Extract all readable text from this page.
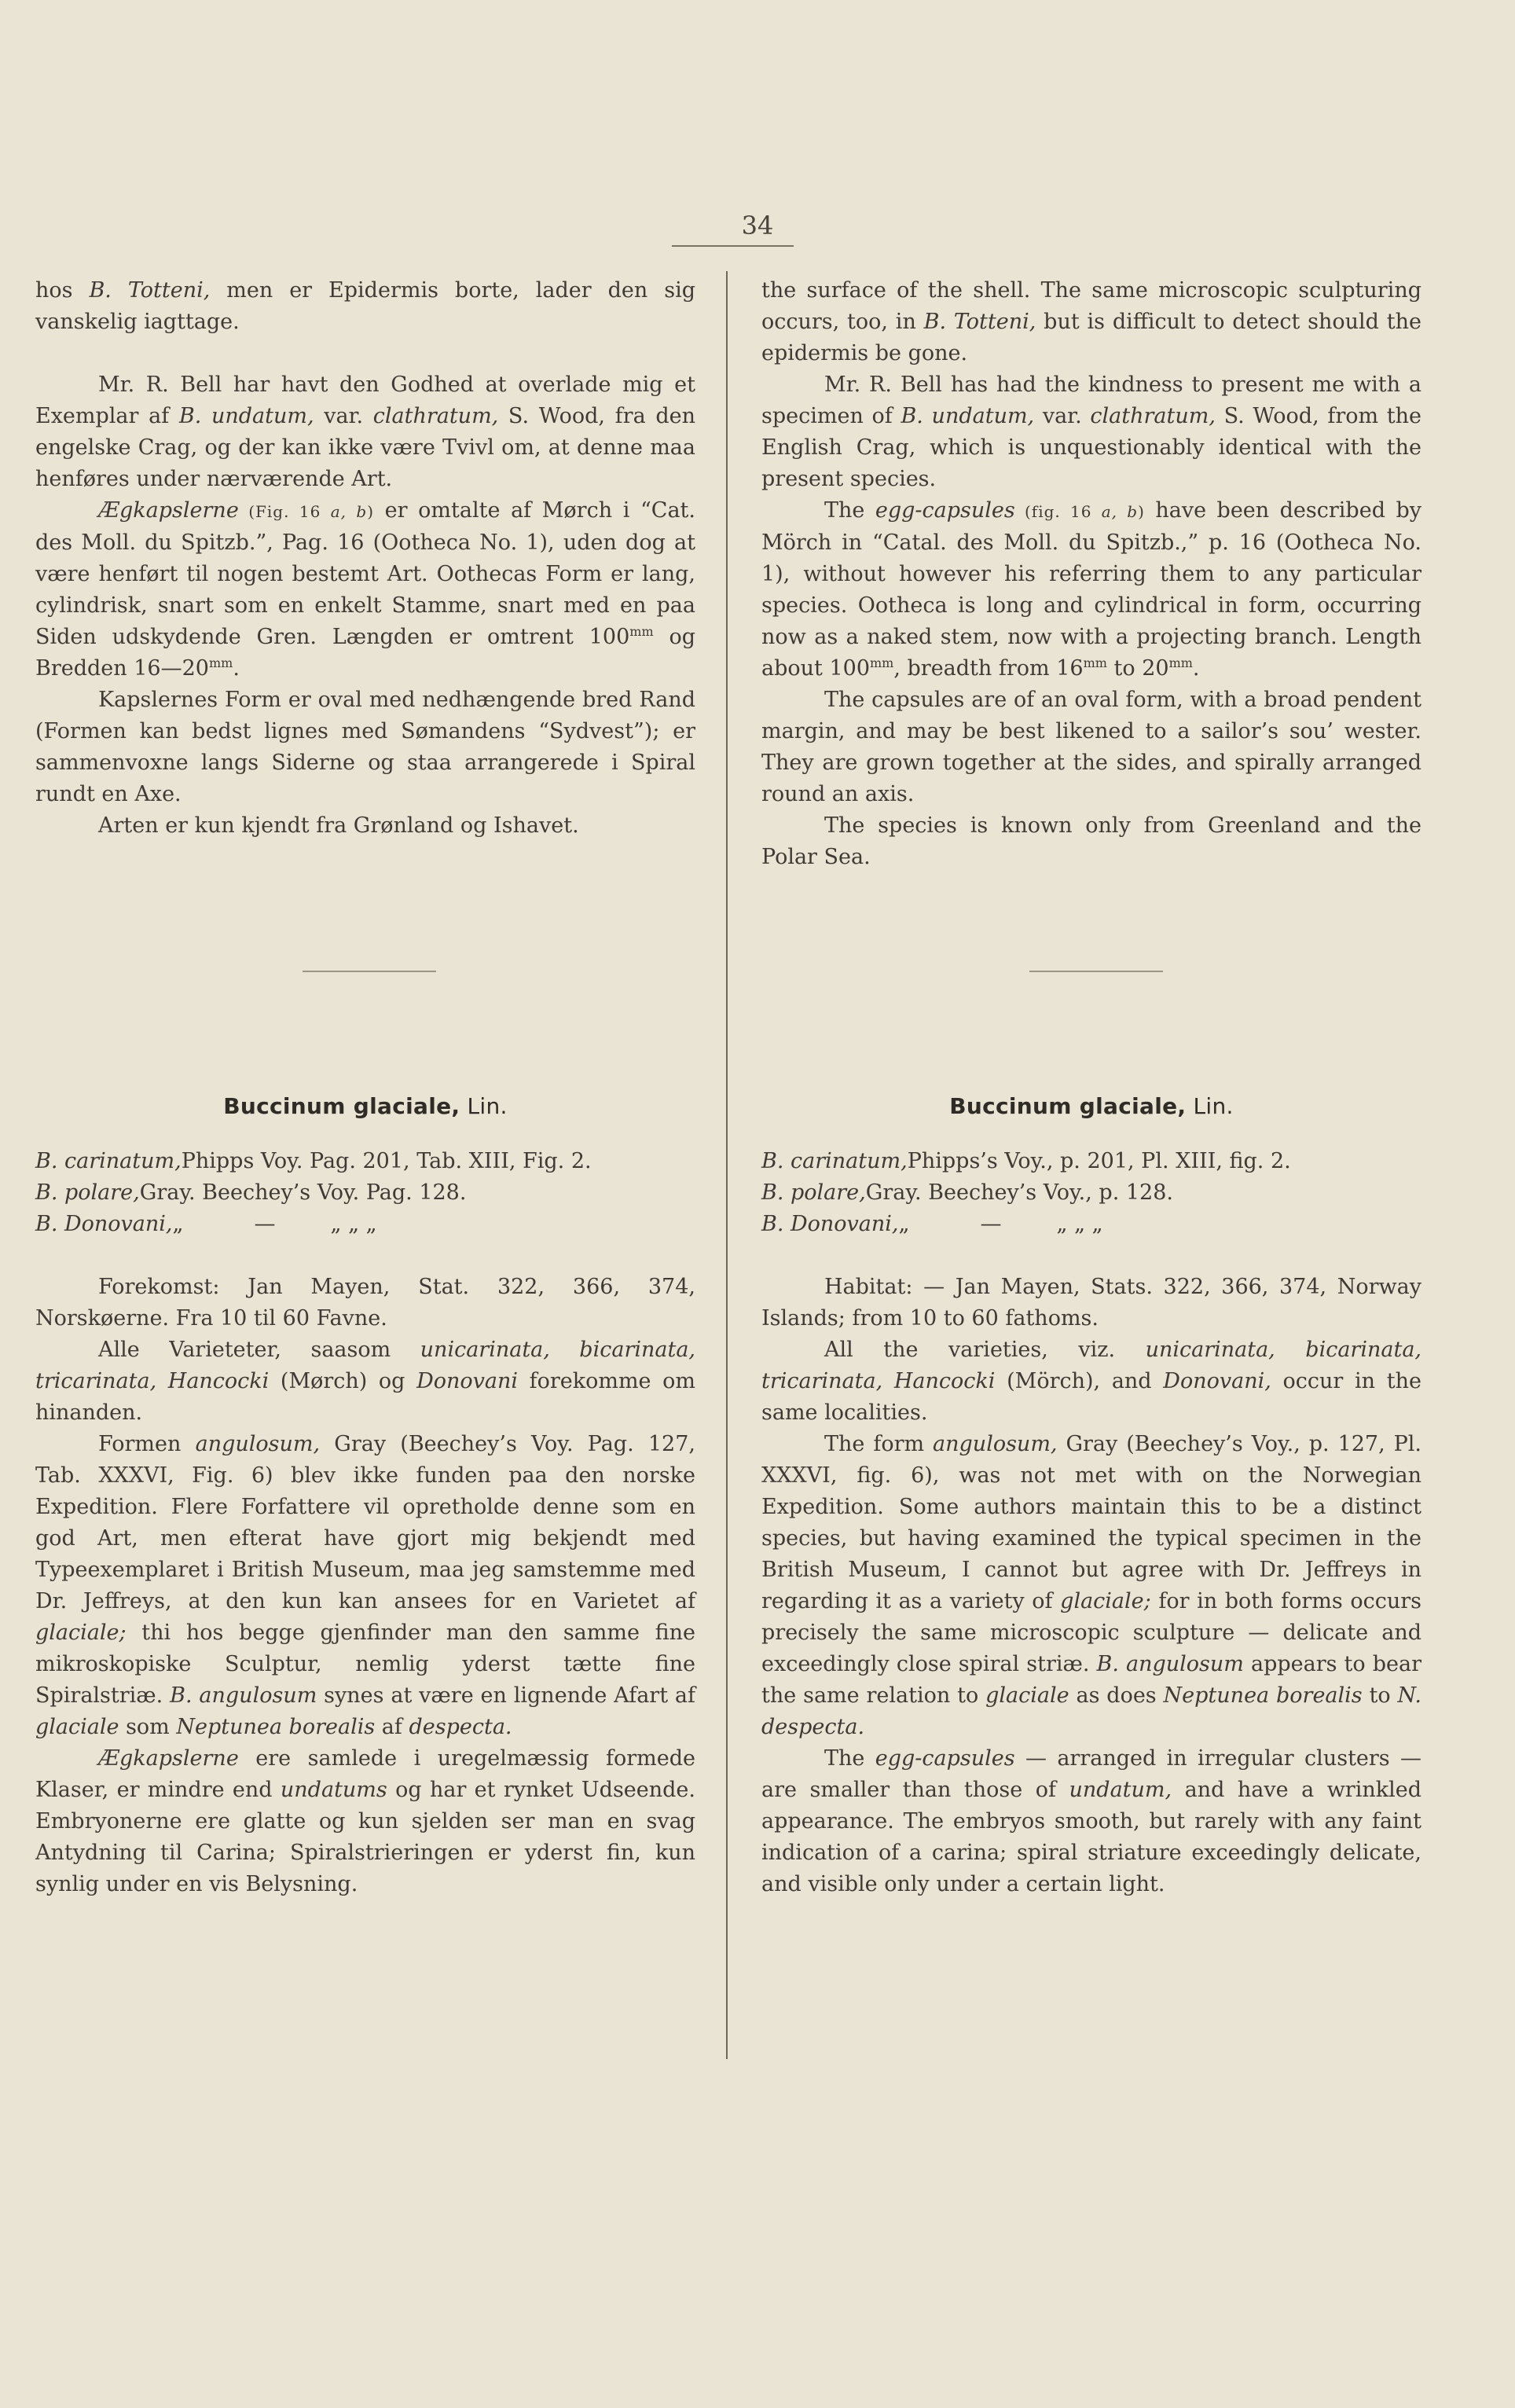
34

hos B. Totteni, men er Epidermis borte, lader den sig vanskelig iagttage.

Mr. R. Bell har havt den Godhed at overlade mig et Exemplar af B. undatum, var. clathratum, S. Wood, fra den engelske Crag, og der kan ikke være Tvivl om, at denne maa henføres under nærværende Art.

Ægkapslerne (Fig. 16 a, b) er omtalte af Mørch i “Cat. des Moll. du Spitzb.”, Pag. 16 (Ootheca No. 1), uden dog at være henført til nogen bestemt Art. Oothecas Form er lang, cylindrisk, snart som en enkelt Stamme, snart med en paa Siden udskydende Gren. Længden er omtrent $100^{mm}$ og Bredden $16—20^{mm}$.

Kapslernes Form er oval med nedhængende bred Rand (Formen kan bedst lignes med Sømandens “Sydvest”); er sammenvoxne langs Siderne og staa arrangerede i Spiral rundt en Axe.

Arten er kun kjendt fra Grønland og Ishavet.

the surface of the shell. The same microscopic sculpturing occurs, too, in B. Totteni, but is difficult to detect should the epidermis be gone.

Mr. R. Bell has had the kindness to present me with a specimen of B. undatum, var. clathratum, S. Wood, from the English Crag, which is unquestionably identical with the present species.

The egg-capsules (fig. 16 a, b) have been described by Mörch in “Catal. des Moll. du Spitzb.,” p. 16 (Ootheca No. 1), without however his referring them to any particular species. Ootheca is long and cylindrical in form, occurring now as a naked stem, now with a projecting branch. Length about $100^{mm}$, breadth from $16^{mm}$ to $20^{mm}$.

The capsules are of an oval form, with a broad pendent margin, and may be best likened to a sailor’s sou’ wester. They are grown together at the sides, and spirally arranged round an axis.

The species is known only from Greenland and the Polar Sea.

Buccinum glaciale, Lin.

B. carinatum,Phipps Voy. Pag. 201, Tab. XIII, Fig. 2.

B. polare,Gray. Beechey’s Voy. Pag. 128.

B. Donovani,„	—	„ „ „

Forekomst: Jan Mayen, Stat. 322, 366, 374, Norskøerne. Fra 10 til 60 Favne.

Alle Varieteter, saasom unicarinata, bicarinata, tricarinata, Hancocki (Mørch) og Donovani forekomme om hinanden.

Formen angulosum, Gray (Beechey’s Voy. Pag. 127, Tab. XXXVI, Fig. 6) blev ikke funden paa den norske Expedition. Flere Forfattere vil opretholde denne som en god Art, men efterat have gjort mig bekjendt med Typeexemplaret i British Museum, maa jeg samstemme med Dr. Jeffreys, at den kun kan ansees for en Varietet af glaciale; thi hos begge gjenfinder man den samme fine mikroskopiske Sculptur, nemlig yderst tætte fine Spiralstriæ. B. angulosum synes at være en lignende Afart af glaciale som Neptunea borealis af despecta.

Ægkapslerne ere samlede i uregelmæssig formede Klaser, er mindre end undatums og har et rynket Udseende. Embryonerne ere glatte og kun sjelden ser man en svag Antydning til Carina; Spiralstrieringen er yderst fin, kun synlig under en vis Belysning.

Buccinum glaciale, Lin.

B. carinatum,Phipps’s Voy., p. 201, Pl. XIII, fig. 2.

B. polare,Gray. Beechey’s Voy., p. 128.

B. Donovani,„	—	„ „ „

Habitat: — Jan Mayen, Stats. 322, 366, 374, Norway Islands; from 10 to 60 fathoms.

All the varieties, viz. unicarinata, bicarinata, tricarinata, Hancocki (Mörch), and Donovani, occur in the same localities.

The form angulosum, Gray (Beechey’s Voy., p. 127, Pl. XXXVI, fig. 6), was not met with on the Norwegian Expedition. Some authors maintain this to be a distinct species, but having examined the typical specimen in the British Museum, I cannot but agree with Dr. Jeffreys in regarding it as a variety of glaciale; for in both forms occurs precisely the same microscopic sculpture — delicate and exceedingly close spiral striæ. B. angulosum appears to bear the same relation to glaciale as does Neptunea borealis to N. despecta.

The egg-capsules — arranged in irregular clusters — are smaller than those of undatum, and have a wrinkled appearance. The embryos smooth, but rarely with any faint indication of a carina; spiral striature exceedingly delicate, and visible only under a certain light.
